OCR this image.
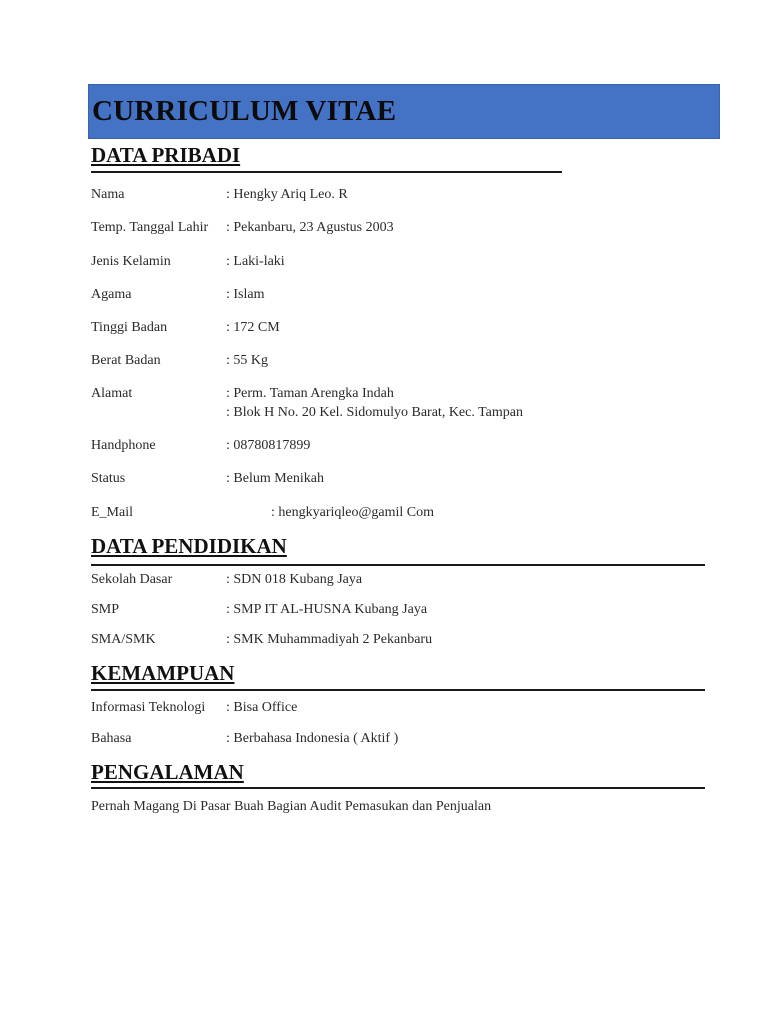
CURRICULUM VITAE
DATA PRIBADI
Nama	: Hengky Ariq Leo. R
Temp. Tanggal Lahir : Pekanbaru, 23 Agustus 2003
Jenis Kelamin	: Laki-laki
Agama	: Islam
Tinggi Badan	: 172 CM
Berat Badan	: 55 Kg
Alamat	: Perm. Taman Arengka Indah
: Blok H No. 20 Kel. Sidomulyo Barat, Kec. Tampan
Handphone	: 08780817899
Status	: Belum Menikah
E_Mail	: hengkyariqleo@gamil Com
DATA PENDIDIKAN
Sekolah Dasar	: SDN 018 Kubang Jaya
SMP	: SMP IT AL-HUSNA Kubang Jaya
SMA/SMK	: SMK Muhammadiyah 2 Pekanbaru
KEMAMPUAN
Informasi Teknologi : Bisa Office
Bahasa	: Berbahasa Indonesia ( Aktif )
PENGALAMAN
Pernah Magang Di Pasar Buah Bagian Audit Pemasukan dan Penjualan
